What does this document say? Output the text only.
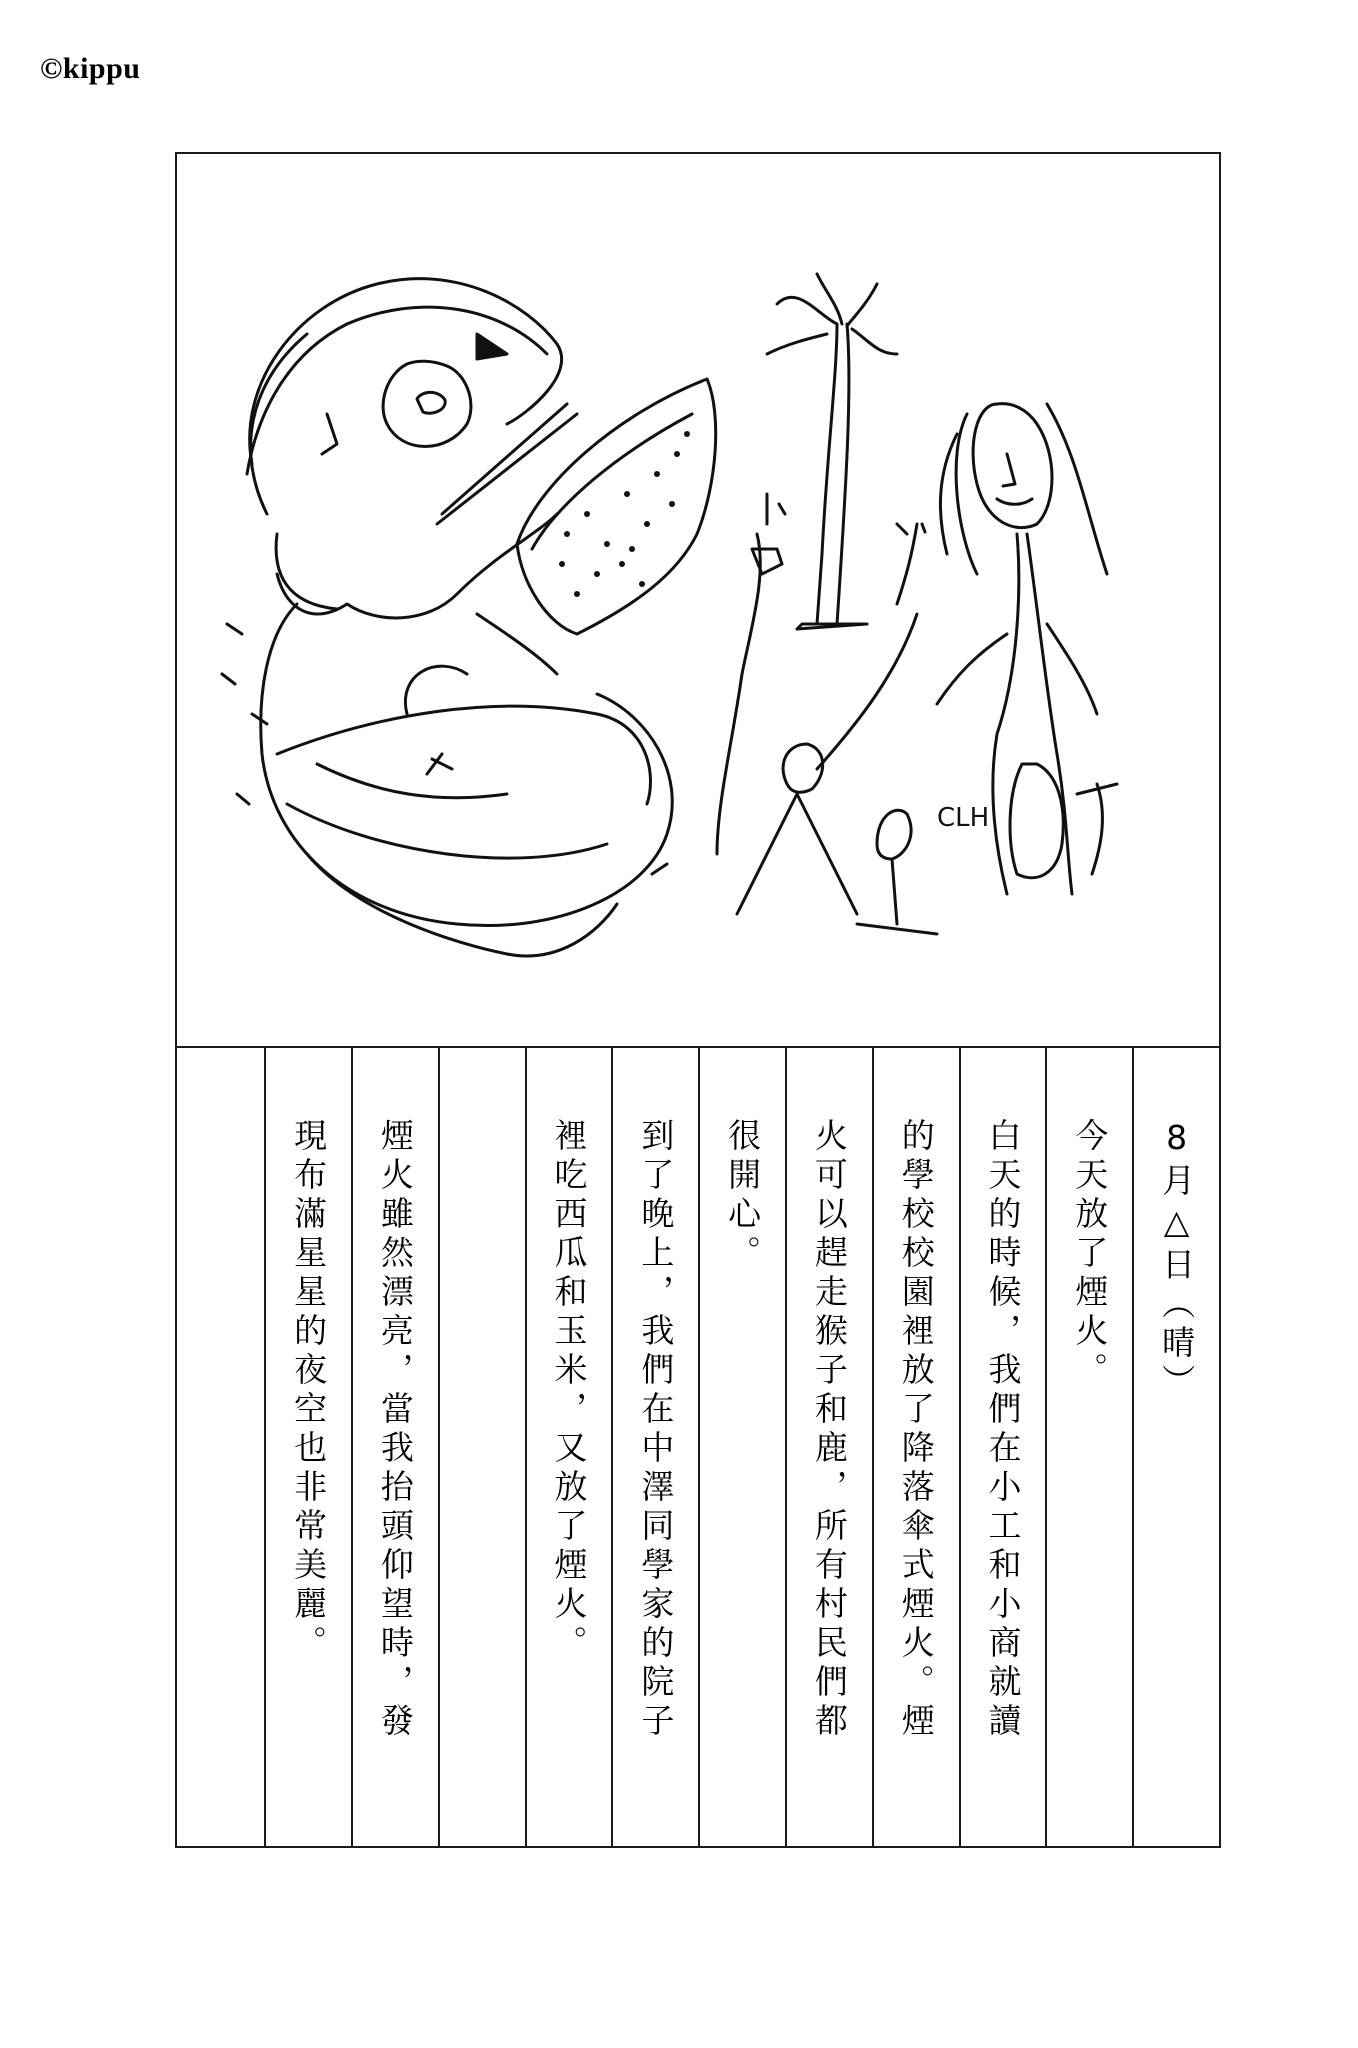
©kippu
CLH
8月△日（晴）
今天放了煙火。
白天的時候，我們在小工和小商就讀
的學校校園裡放了降落傘式煙火。煙
火可以趕走猴子和鹿，所有村民們都
很開心。
到了晚上，我們在中澤同學家的院子
裡吃西瓜和玉米，又放了煙火。
煙火雖然漂亮，當我抬頭仰望時，發
現布滿星星的夜空也非常美麗。
